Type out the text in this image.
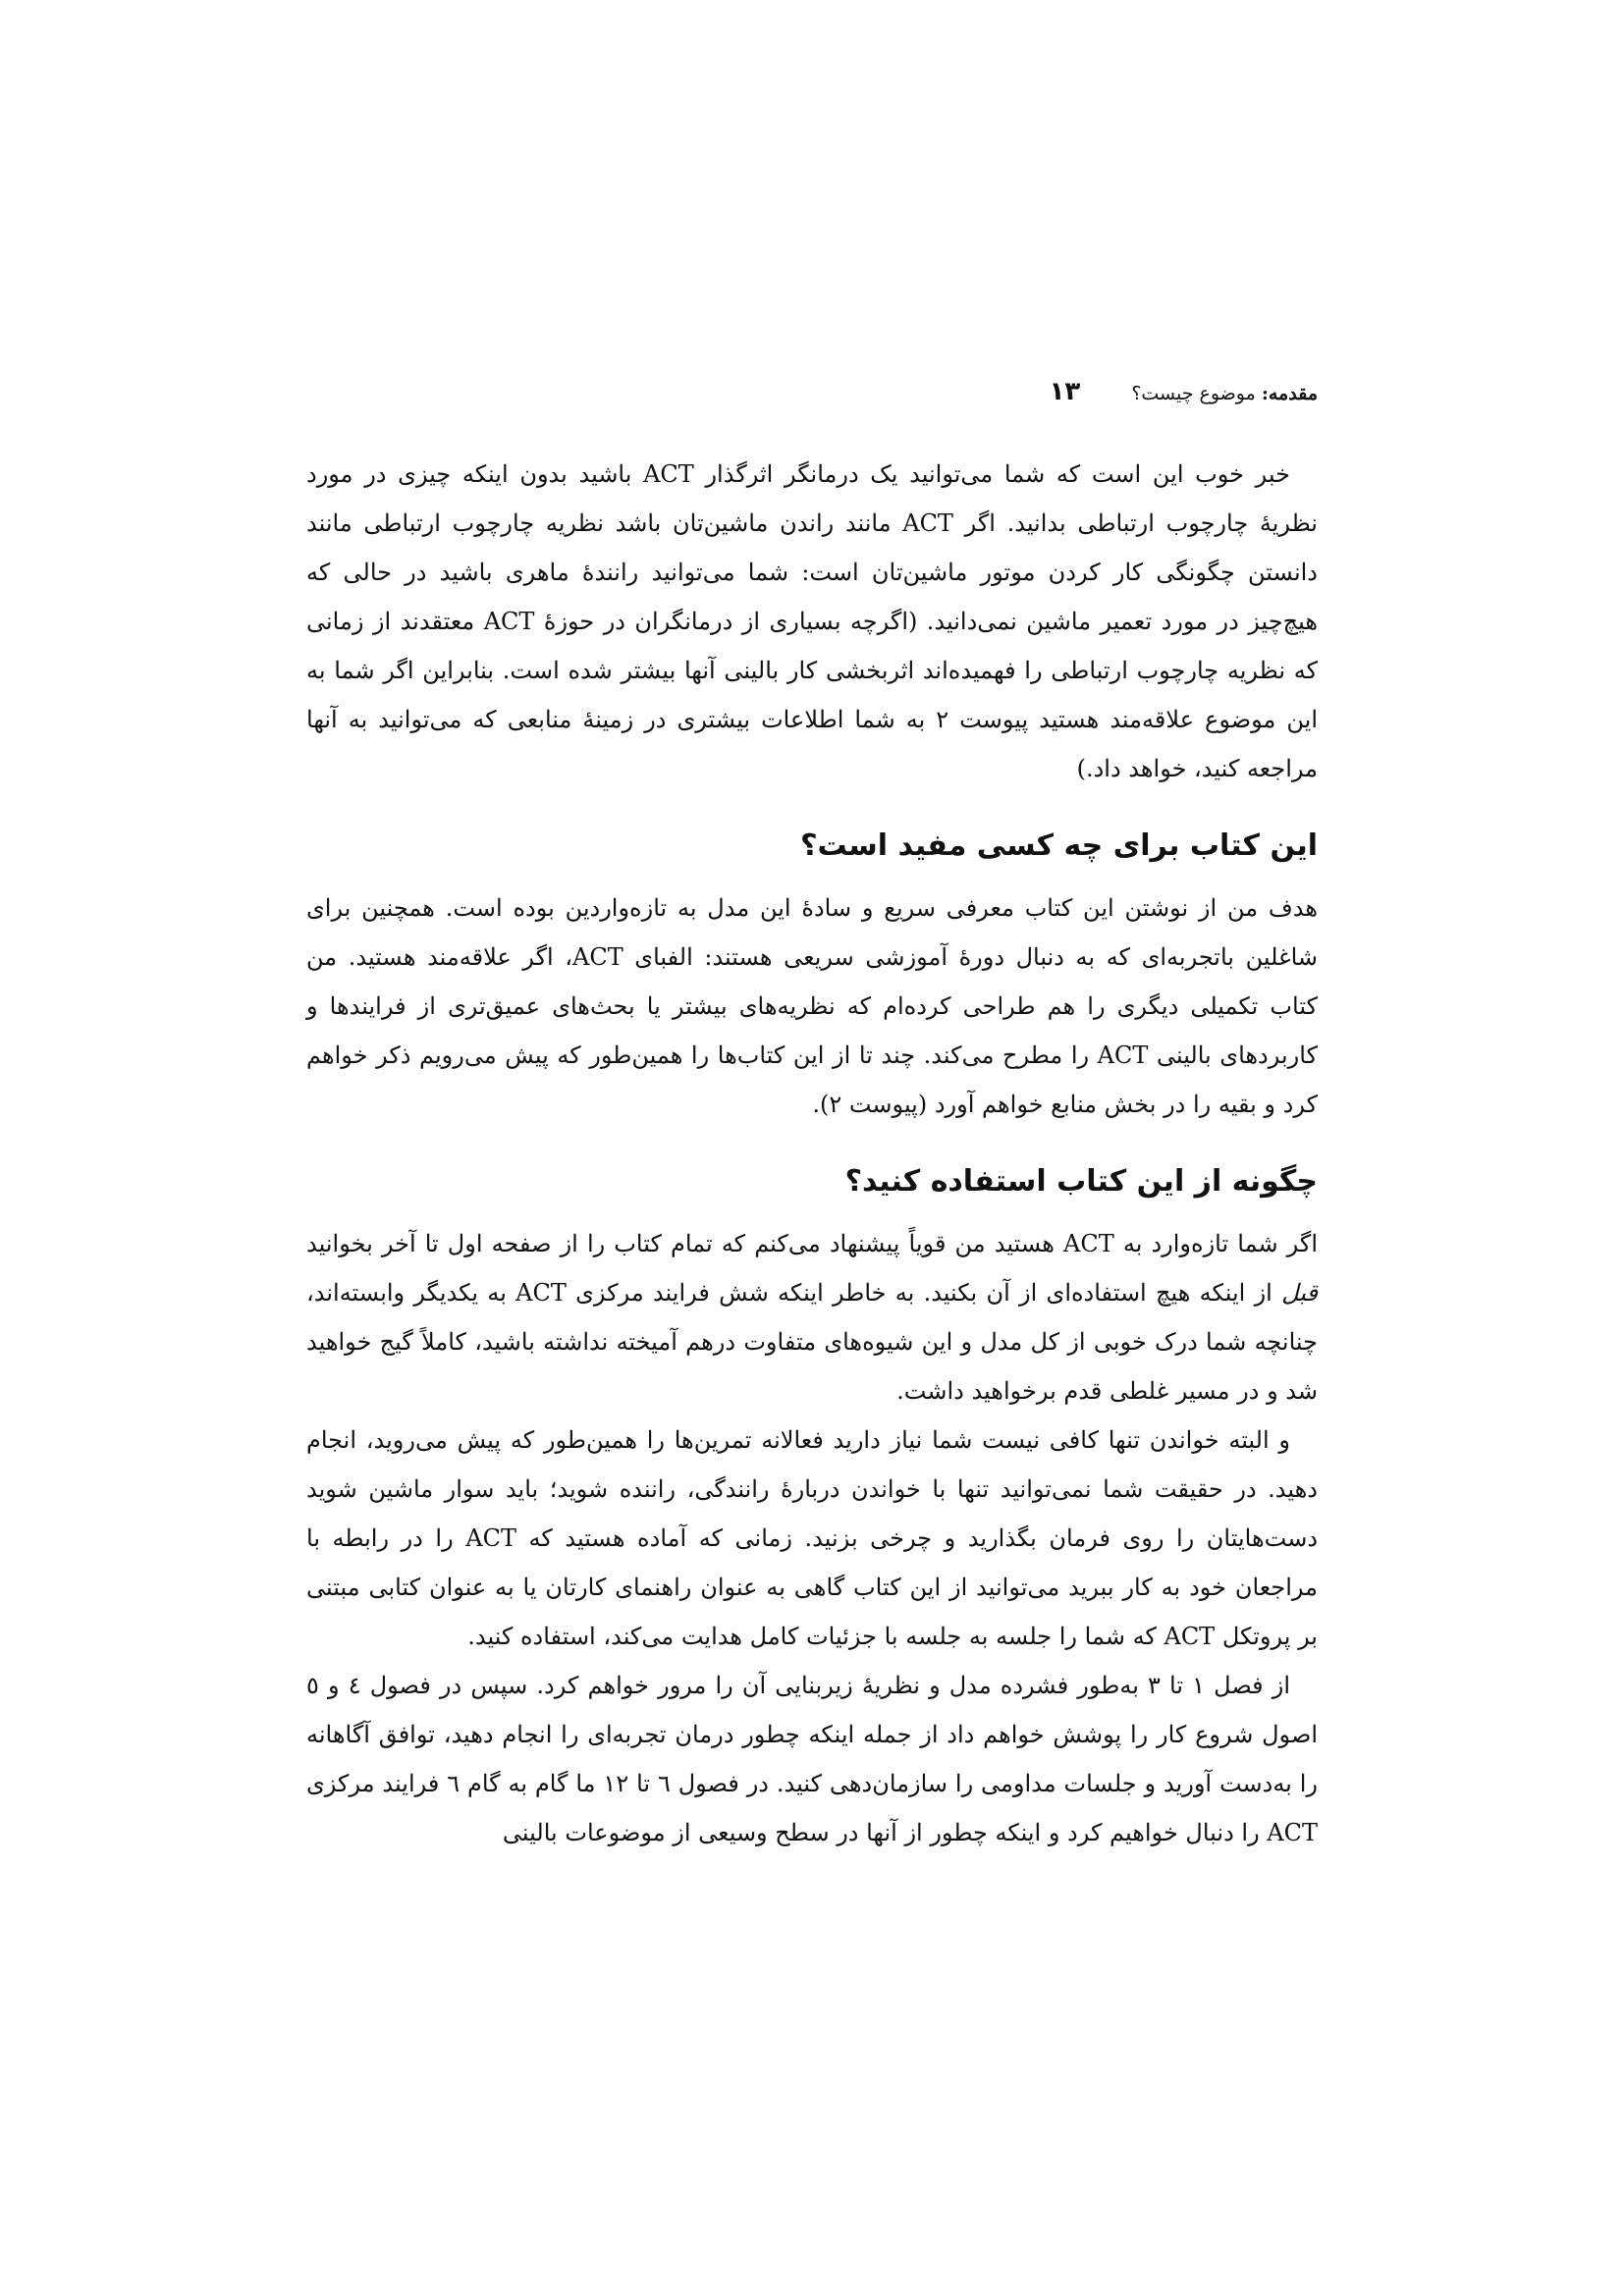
مقدمه: موضوع چیست؟
۱۳

خبر خوب این است که شما می‌توانید یک درمانگر اثرگذار ACT باشید بدون اینکه چیزی در مورد نظریهٔ چارچوب ارتباطی بدانید. اگر ACT مانند راندن ماشین‌تان باشد نظریه چارچوب ارتباطی مانند دانستن چگونگی کار کردن موتور ماشین‌تان است: شما می‌توانید رانندهٔ ماهری باشید در حالی که هیچ‌چیز در مورد تعمیر ماشین نمی‌دانید. (اگرچه بسیاری از درمانگران در حوزهٔ ACT معتقدند از زمانی که نظریه چارچوب ارتباطی را فهمیده‌اند اثربخشی کار بالینی آنها بیشتر شده است. بنابراین اگر شما به این موضوع علاقه‌مند هستید پیوست ۲ به شما اطلاعات بیشتری در زمینهٔ منابعی که می‌توانید به آنها مراجعه کنید، خواهد داد.)

این کتاب برای چه کسی مفید است؟

هدف من از نوشتن این کتاب معرفی سریع و سادهٔ این مدل به تازه‌واردین بوده است. همچنین برای شاغلین باتجربه‌ای که به دنبال دورهٔ آموزشی سریعی هستند: الفبای ACT، اگر علاقه‌مند هستید. من کتاب تکمیلی دیگری را هم طراحی کرده‌ام که نظریه‌های بیشتر یا بحث‌های عمیق‌تری از فرایندها و کاربردهای بالینی ACT را مطرح می‌کند. چند تا از این کتاب‌ها را همین‌طور که پیش می‌رویم ذکر خواهم کرد و بقیه را در بخش منابع خواهم آورد (پیوست ۲).

چگونه از این کتاب استفاده کنید؟

اگر شما تازه‌وارد به ACT هستید من قویاً پیشنهاد می‌کنم که تمام کتاب را از صفحه اول تا آخر بخوانید قبل از اینکه هیچ استفاده‌ای از آن بکنید. به خاطر اینکه شش فرایند مرکزی ACT به یکدیگر وابسته‌اند، چنانچه شما درک خوبی از کل مدل و این شیوه‌های متفاوت درهم آمیخته نداشته باشید، کاملاً گیج خواهید شد و در مسیر غلطی قدم برخواهید داشت.

و البته خواندن تنها کافی نیست شما نیاز دارید فعالانه تمرین‌ها را همین‌طور که پیش می‌روید، انجام دهید. در حقیقت شما نمی‌توانید تنها با خواندن دربارهٔ رانندگی، راننده شوید؛ باید سوار ماشین شوید دست‌هایتان را روی فرمان بگذارید و چرخی بزنید. زمانی که آماده هستید که ACT را در رابطه با مراجعان خود به کار ببرید می‌توانید از این کتاب گاهی به عنوان راهنمای کارتان یا به عنوان کتابی مبتنی بر پروتکل ACT که شما را جلسه به جلسه با جزئیات کامل هدایت می‌کند، استفاده کنید.

از فصل ۱ تا ۳ به‌طور فشرده مدل و نظریهٔ زیربنایی آن را مرور خواهم کرد. سپس در فصول ٤ و ٥ اصول شروع کار را پوشش خواهم داد از جمله اینکه چطور درمان تجربه‌ای را انجام دهید، توافق آگاهانه را به‌دست آورید و جلسات مداومی را سازمان‌دهی کنید. در فصول ٦ تا ۱۲ ما گام به گام ٦ فرایند مرکزی ACT را دنبال خواهیم کرد و اینکه چطور از آنها در سطح وسیعی از موضوعات بالینی
